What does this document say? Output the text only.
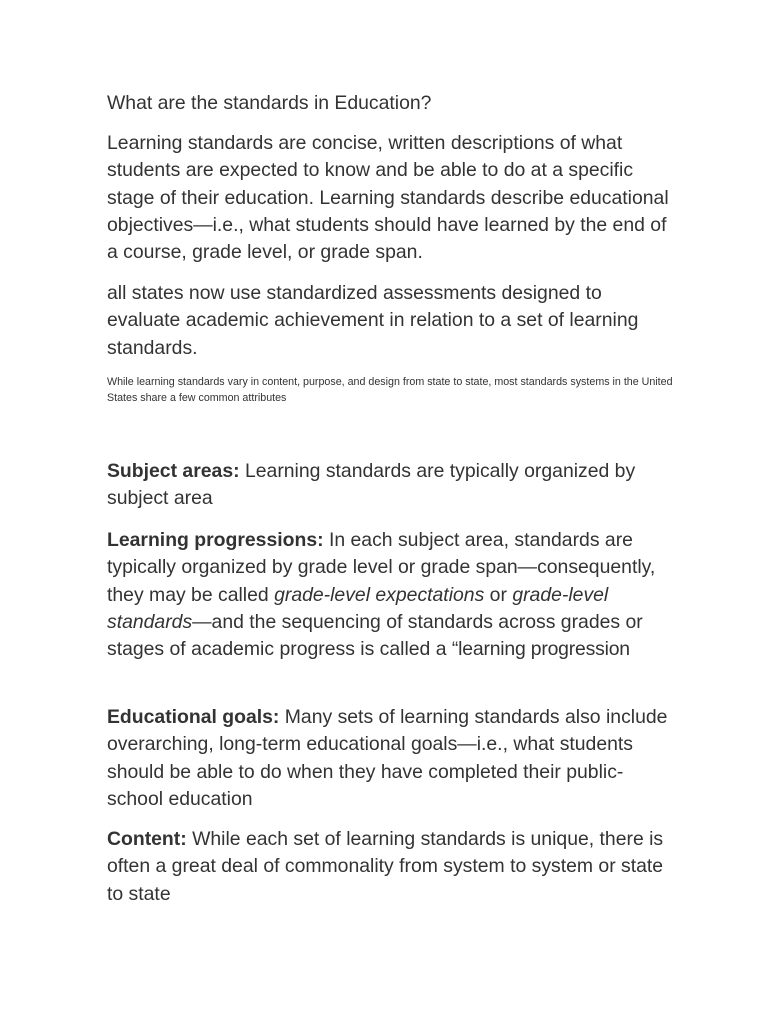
What are the standards in Education?

Learning standards are concise, written descriptions of what students are expected to know and be able to do at a specific stage of their education. Learning standards describe educational objectives—i.e., what students should have learned by the end of a course, grade level, or grade span.

all states now use standardized assessments designed to evaluate academic achievement in relation to a set of learning standards.

While learning standards vary in content, purpose, and design from state to state, most standards systems in the United States share a few common attributes

Subject areas: Learning standards are typically organized by subject area

Learning progressions: In each subject area, standards are typically organized by grade level or grade span—consequently, they may be called grade-level expectations or grade-level standards—and the sequencing of standards across grades or stages of academic progress is called a “learning progression

Educational goals: Many sets of learning standards also include overarching, long-term educational goals—i.e., what students should be able to do when they have completed their public-school education

Content: While each set of learning standards is unique, there is often a great deal of commonality from system to system or state to state
